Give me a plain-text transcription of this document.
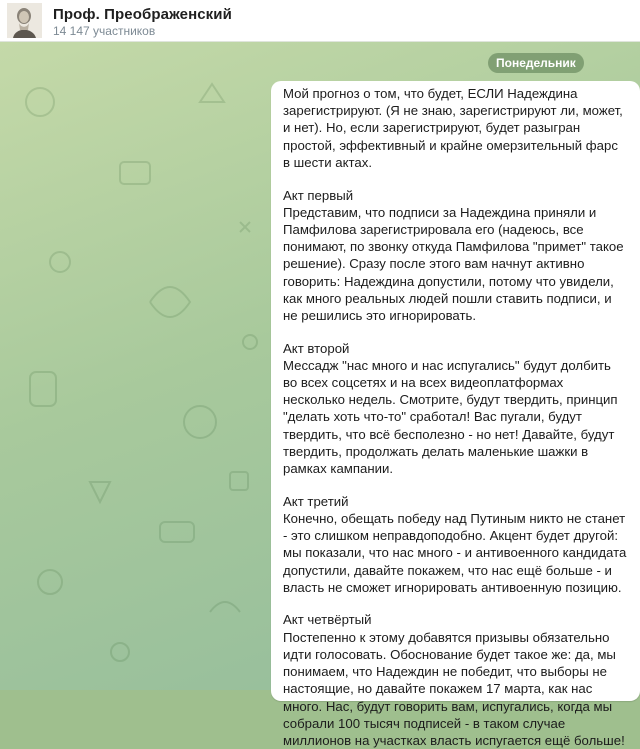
Проф. Преображенский
14 147 участников
Понедельник

Мой прогноз о том, что будет, ЕСЛИ Надеждина зарегистрируют. (Я не знаю, зарегистрируют ли, может, и нет). Но, если зарегистрируют, будет разыгран простой, эффективный и крайне омерзительный фарс в шести актах.

Акт первый

Представим, что подписи за Надеждина приняли и Памфилова зарегистрировала его (надеюсь, все понимают, по звонку откуда Памфилова "примет" такое решение). Сразу после этого вам начнут активно говорить: Надеждина допустили, потому что увидели, как много реальных людей пошли ставить подписи, и не решились это игнорировать.

Акт второй

Мессадж "нас много и нас испугались" будут долбить во всех соцсетях и на всех видеоплатформах несколько недель. Смотрите, будут твердить, принцип "делать хоть что-то" сработал! Вас пугали, будут твердить, что всё бесполезно - но нет! Давайте, будут твердить, продолжать делать маленькие шажки в рамках кампании.

Акт третий

Конечно, обещать победу над Путиным никто не станет - это слишком неправдоподобно. Акцент будет другой: мы показали, что нас много - и антивоенного кандидата допустили, давайте покажем, что нас ещё больше - и власть не сможет игнорировать антивоенную позицию.

Акт четвёртый

Постепенно к этому добавятся призывы обязательно идти голосовать. Обоснование будет такое же: да, мы понимаем, что Надеждин не победит, что выборы не настоящие, но давайте покажем 17 марта, как нас много. Нас, будут говорить вам, испугались, когда мы собрали 100 тысяч подписей - в таком случае миллионов на участках власть испугается ещё больше!
